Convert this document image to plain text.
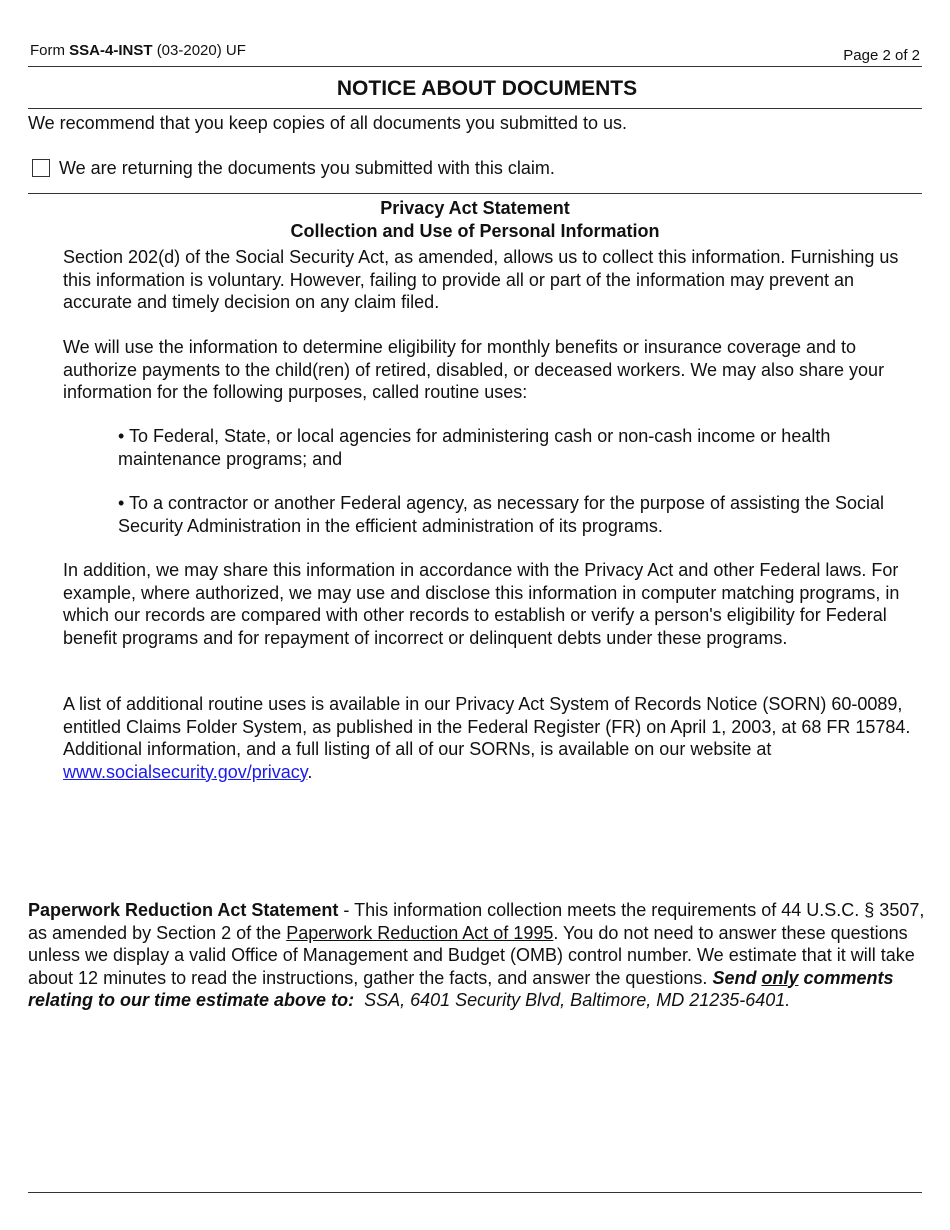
Form SSA-4-INST (03-2020) UF	Page 2 of 2
NOTICE ABOUT DOCUMENTS
We recommend that you keep copies of all documents you submitted to us.
We are returning the documents you submitted with this claim.
Privacy Act Statement
Collection and Use of Personal Information
Section 202(d) of the Social Security Act, as amended, allows us to collect this information. Furnishing us this information is voluntary. However, failing to provide all or part of the information may prevent an accurate and timely decision on any claim filed.
We will use the information to determine eligibility for monthly benefits or insurance coverage and to authorize payments to the child(ren) of retired, disabled, or deceased workers. We may also share your information for the following purposes, called routine uses:
• To Federal, State, or local agencies for administering cash or non-cash income or health maintenance programs; and
• To a contractor or another Federal agency, as necessary for the purpose of assisting the Social Security Administration in the efficient administration of its programs.
In addition, we may share this information in accordance with the Privacy Act and other Federal laws. For example, where authorized, we may use and disclose this information in computer matching programs, in which our records are compared with other records to establish or verify a person's eligibility for Federal benefit programs and for repayment of incorrect or delinquent debts under these programs.
A list of additional routine uses is available in our Privacy Act System of Records Notice (SORN) 60-0089, entitled Claims Folder System, as published in the Federal Register (FR) on April 1, 2003, at 68 FR 15784. Additional information, and a full listing of all of our SORNs, is available on our website at www.socialsecurity.gov/privacy.
Paperwork Reduction Act Statement - This information collection meets the requirements of 44 U.S.C. § 3507, as amended by Section 2 of the Paperwork Reduction Act of 1995. You do not need to answer these questions unless we display a valid Office of Management and Budget (OMB) control number. We estimate that it will take about 12 minutes to read the instructions, gather the facts, and answer the questions. Send only comments relating to our time estimate above to: SSA, 6401 Security Blvd, Baltimore, MD 21235-6401.
